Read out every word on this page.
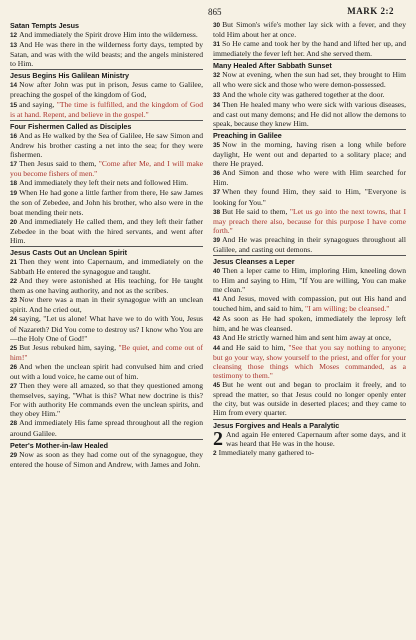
865	MARK 2:2
Satan Tempts Jesus

12 And immediately the Spirit drove Him into the wilderness.

13 And He was there in the wilderness forty days, tempted by Satan, and was with the wild beasts; and the angels ministered to Him.

Jesus Begins His Galilean Ministry

14 Now after John was put in prison, Jesus came to Galilee, preaching the gospel of the kingdom of God,

15 and saying, "The time is fulfilled, and the kingdom of God is at hand. Repent, and believe in the gospel."

Four Fishermen Called as Disciples

16 And as He walked by the Sea of Galilee, He saw Simon and Andrew his brother casting a net into the sea; for they were fishermen.

17 Then Jesus said to them, "Come after Me, and I will make you become fishers of men."

18 And immediately they left their nets and followed Him.

19 When He had gone a little farther from there, He saw James the son of Zebedee, and John his brother, who also were in the boat mending their nets.

20 And immediately He called them, and they left their father Zebedee in the boat with the hired servants, and went after Him.

Jesus Casts Out an Unclean Spirit

21 Then they went into Capernaum, and immediately on the Sabbath He entered the synagogue and taught.

22 And they were astonished at His teaching, for He taught them as one having authority, and not as the scribes.

23 Now there was a man in their synagogue with an unclean spirit. And he cried out,

24 saying, "Let us alone! What have we to do with You, Jesus of Nazareth? Did You come to destroy us? I know who You are—the Holy One of God!"

25 But Jesus rebuked him, saying, "Be quiet, and come out of him!"

26 And when the unclean spirit had convulsed him and cried out with a loud voice, he came out of him.

27 Then they were all amazed, so that they questioned among themselves, saying, "What is this? What new doctrine is this? For with authority He commands even the unclean spirits, and they obey Him."

28 And immediately His fame spread throughout all the region around Galilee.

Peter's Mother-in-law Healed

29 Now as soon as they had come out of the synagogue, they entered the house of Simon and Andrew, with James and John.

30 But Simon's wife's mother lay sick with a fever, and they told Him about her at once.

31 So He came and took her by the hand and lifted her up, and immediately the fever left her. And she served them.

Many Healed After Sabbath Sunset

32 Now at evening, when the sun had set, they brought to Him all who were sick and those who were demon-possessed.

33 And the whole city was gathered together at the door.

34 Then He healed many who were sick with various diseases, and cast out many demons; and He did not allow the demons to speak, because they knew Him.

Preaching in Galilee

35 Now in the morning, having risen a long while before daylight, He went out and departed to a solitary place; and there He prayed.

36 And Simon and those who were with Him searched for Him.

37 When they found Him, they said to Him, "Everyone is looking for You."

38 But He said to them, "Let us go into the next towns, that I may preach there also, because for this purpose I have come forth."

39 And He was preaching in their synagogues throughout all Galilee, and casting out demons.

Jesus Cleanses a Leper

40 Then a leper came to Him, imploring Him, kneeling down to Him and saying to Him, "If You are willing, You can make me clean."

41 And Jesus, moved with compassion, put out His hand and touched him, and said to him, "I am willing; be cleansed."

42 As soon as He had spoken, immediately the leprosy left him, and he was cleansed.

43 And He strictly warned him and sent him away at once,

44 and He said to him, "See that you say nothing to anyone; but go your way, show yourself to the priest, and offer for your cleansing those things which Moses commanded, as a testimony to them."

45 But he went out and began to proclaim it freely, and to spread the matter, so that Jesus could no longer openly enter the city, but was outside in deserted places; and they came to Him from every quarter.

Jesus Forgives and Heals a Paralytic

2 And again He entered Capernaum after some days, and it was heard that He was in the house.

2 Immediately many gathered to-
